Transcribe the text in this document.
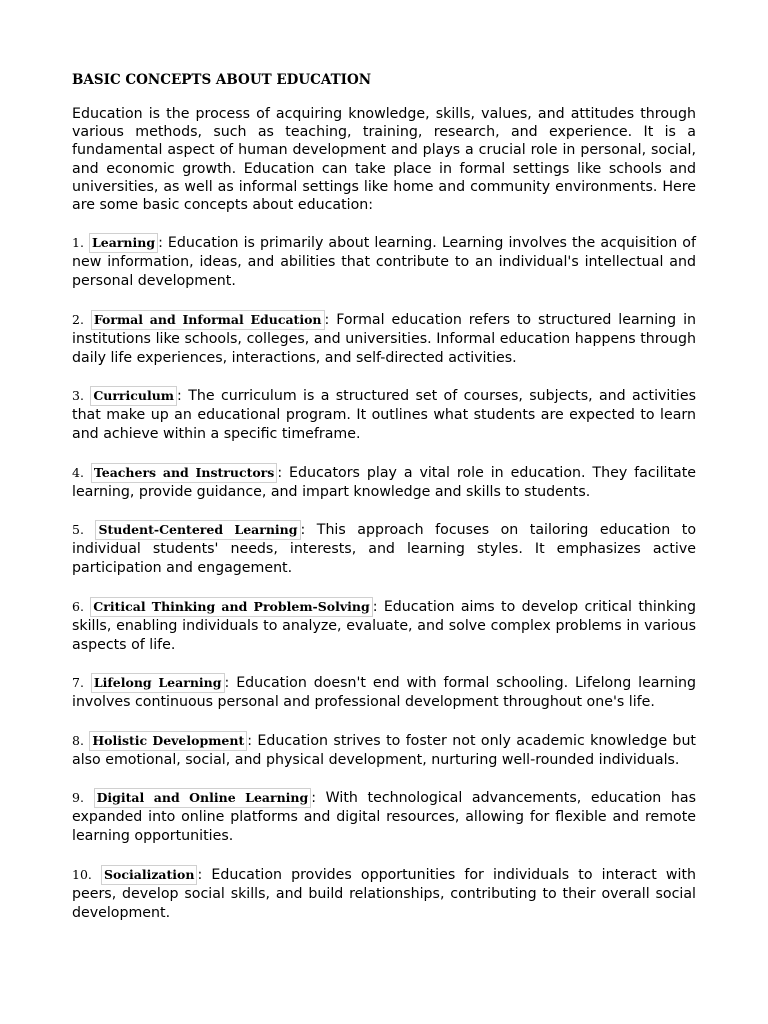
BASIC CONCEPTS ABOUT EDUCATION

Education is the process of acquiring knowledge, skills, values, and attitudes through various methods, such as teaching, training, research, and experience. It is a fundamental aspect of human development and plays a crucial role in personal, social, and economic growth. Education can take place in formal settings like schools and universities, as well as informal settings like home and community environments. Here are some basic concepts about education:

1. Learning : Education is primarily about learning. Learning involves the acquisition of new information, ideas, and abilities that contribute to an individual's intellectual and personal development.
2. Formal and Informal Education : Formal education refers to structured learning in institutions like schools, colleges, and universities. Informal education happens through daily life experiences, interactions, and self-directed activities.
3. Curriculum : The curriculum is a structured set of courses, subjects, and activities that make up an educational program. It outlines what students are expected to learn and achieve within a specific timeframe.
4. Teachers and Instructors : Educators play a vital role in education. They facilitate learning, provide guidance, and impart knowledge and skills to students.
5. Student-Centered Learning : This approach focuses on tailoring education to individual students' needs, interests, and learning styles. It emphasizes active participation and engagement.
6. Critical Thinking and Problem-Solving : Education aims to develop critical thinking skills, enabling individuals to analyze, evaluate, and solve complex problems in various aspects of life.
7. Lifelong Learning : Education doesn't end with formal schooling. Lifelong learning involves continuous personal and professional development throughout one's life.
8. Holistic Development : Education strives to foster not only academic knowledge but also emotional, social, and physical development, nurturing well-rounded individuals.
9. Digital and Online Learning : With technological advancements, education has expanded into online platforms and digital resources, allowing for flexible and remote learning opportunities.
10. Socialization : Education provides opportunities for individuals to interact with peers, develop social skills, and build relationships, contributing to their overall social development.
